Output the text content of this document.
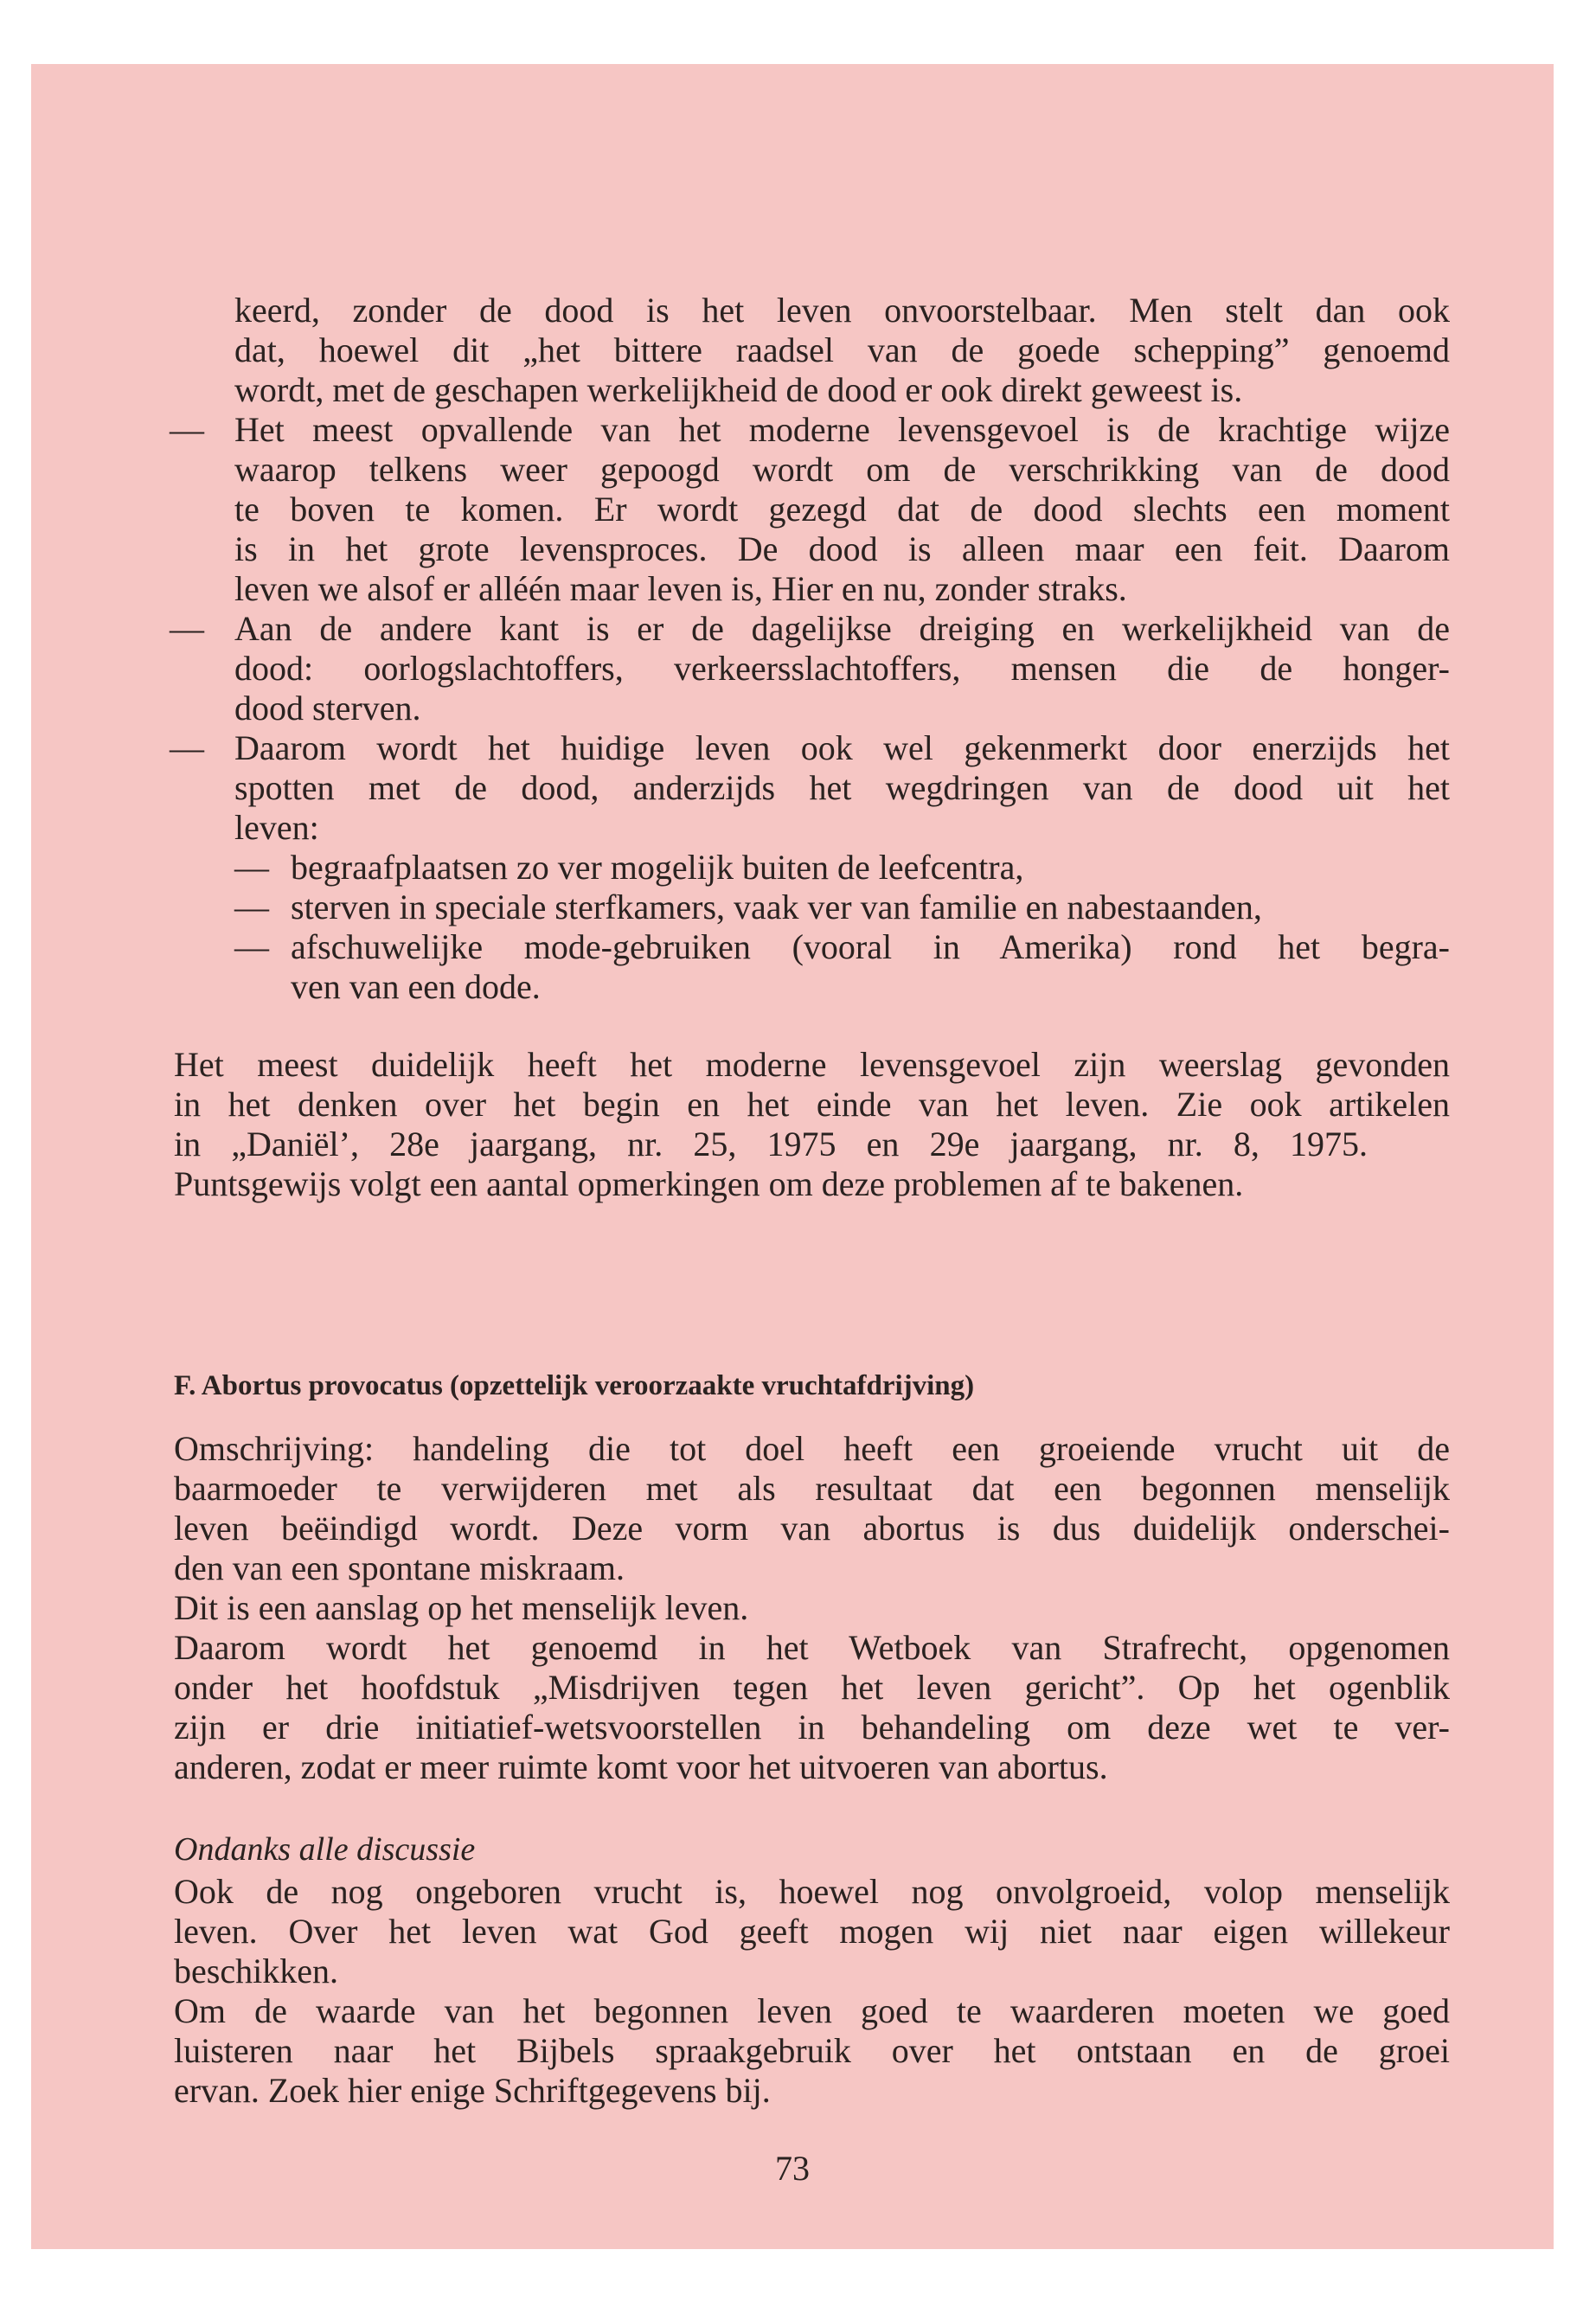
keerd, zonder de dood is het leven onvoorstelbaar. Men stelt dan ook
dat, hoewel dit „het bittere raadsel van de goede schepping” genoemd
wordt, met de geschapen werkelijkheid de dood er ook direkt geweest is.
— Het meest opvallende van het moderne levensgevoel is de krachtige wijze
waarop telkens weer gepoogd wordt om de verschrikking van de dood
te boven te komen. Er wordt gezegd dat de dood slechts een moment
is in het grote levensproces. De dood is alleen maar een feit. Daarom
leven we alsof er alléén maar leven is, Hier en nu, zonder straks.
— Aan de andere kant is er de dagelijkse dreiging en werkelijkheid van de
dood: oorlogslachtoffers, verkeersslachtoffers, mensen die de honger-
dood sterven.
— Daarom wordt het huidige leven ook wel gekenmerkt door enerzijds het
spotten met de dood, anderzijds het wegdringen van de dood uit het
leven:
— begraafplaatsen zo ver mogelijk buiten de leefcentra,
— sterven in speciale sterfkamers, vaak ver van familie en nabestaanden,
— afschuwelijke mode-gebruiken (vooral in Amerika) rond het begra-
ven van een dode.
Het meest duidelijk heeft het moderne levensgevoel zijn weerslag gevonden
in het denken over het begin en het einde van het leven. Zie ook artikelen
in „Daniël’, 28e jaargang, nr. 25, 1975 en 29e jaargang, nr. 8, 1975.
Puntsgewijs volgt een aantal opmerkingen om deze problemen af te bakenen.
F. Abortus provocatus (opzettelijk veroorzaakte vruchtafdrijving)
Omschrijving: handeling die tot doel heeft een groeiende vrucht uit de
baarmoeder te verwijderen met als resultaat dat een begonnen menselijk
leven beëindigd wordt. Deze vorm van abortus is dus duidelijk onderschei-
den van een spontane miskraam.
Dit is een aanslag op het menselijk leven.
Daarom wordt het genoemd in het Wetboek van Strafrecht, opgenomen
onder het hoofdstuk „Misdrijven tegen het leven gericht”. Op het ogenblik
zijn er drie initiatief-wetsvoorstellen in behandeling om deze wet te ver-
anderen, zodat er meer ruimte komt voor het uitvoeren van abortus.
Ondanks alle discussie
Ook de nog ongeboren vrucht is, hoewel nog onvolgroeid, volop menselijk
leven. Over het leven wat God geeft mogen wij niet naar eigen willekeur
beschikken.
Om de waarde van het begonnen leven goed te waarderen moeten we goed
luisteren naar het Bijbels spraakgebruik over het ontstaan en de groei
ervan. Zoek hier enige Schriftgegevens bij.
73
